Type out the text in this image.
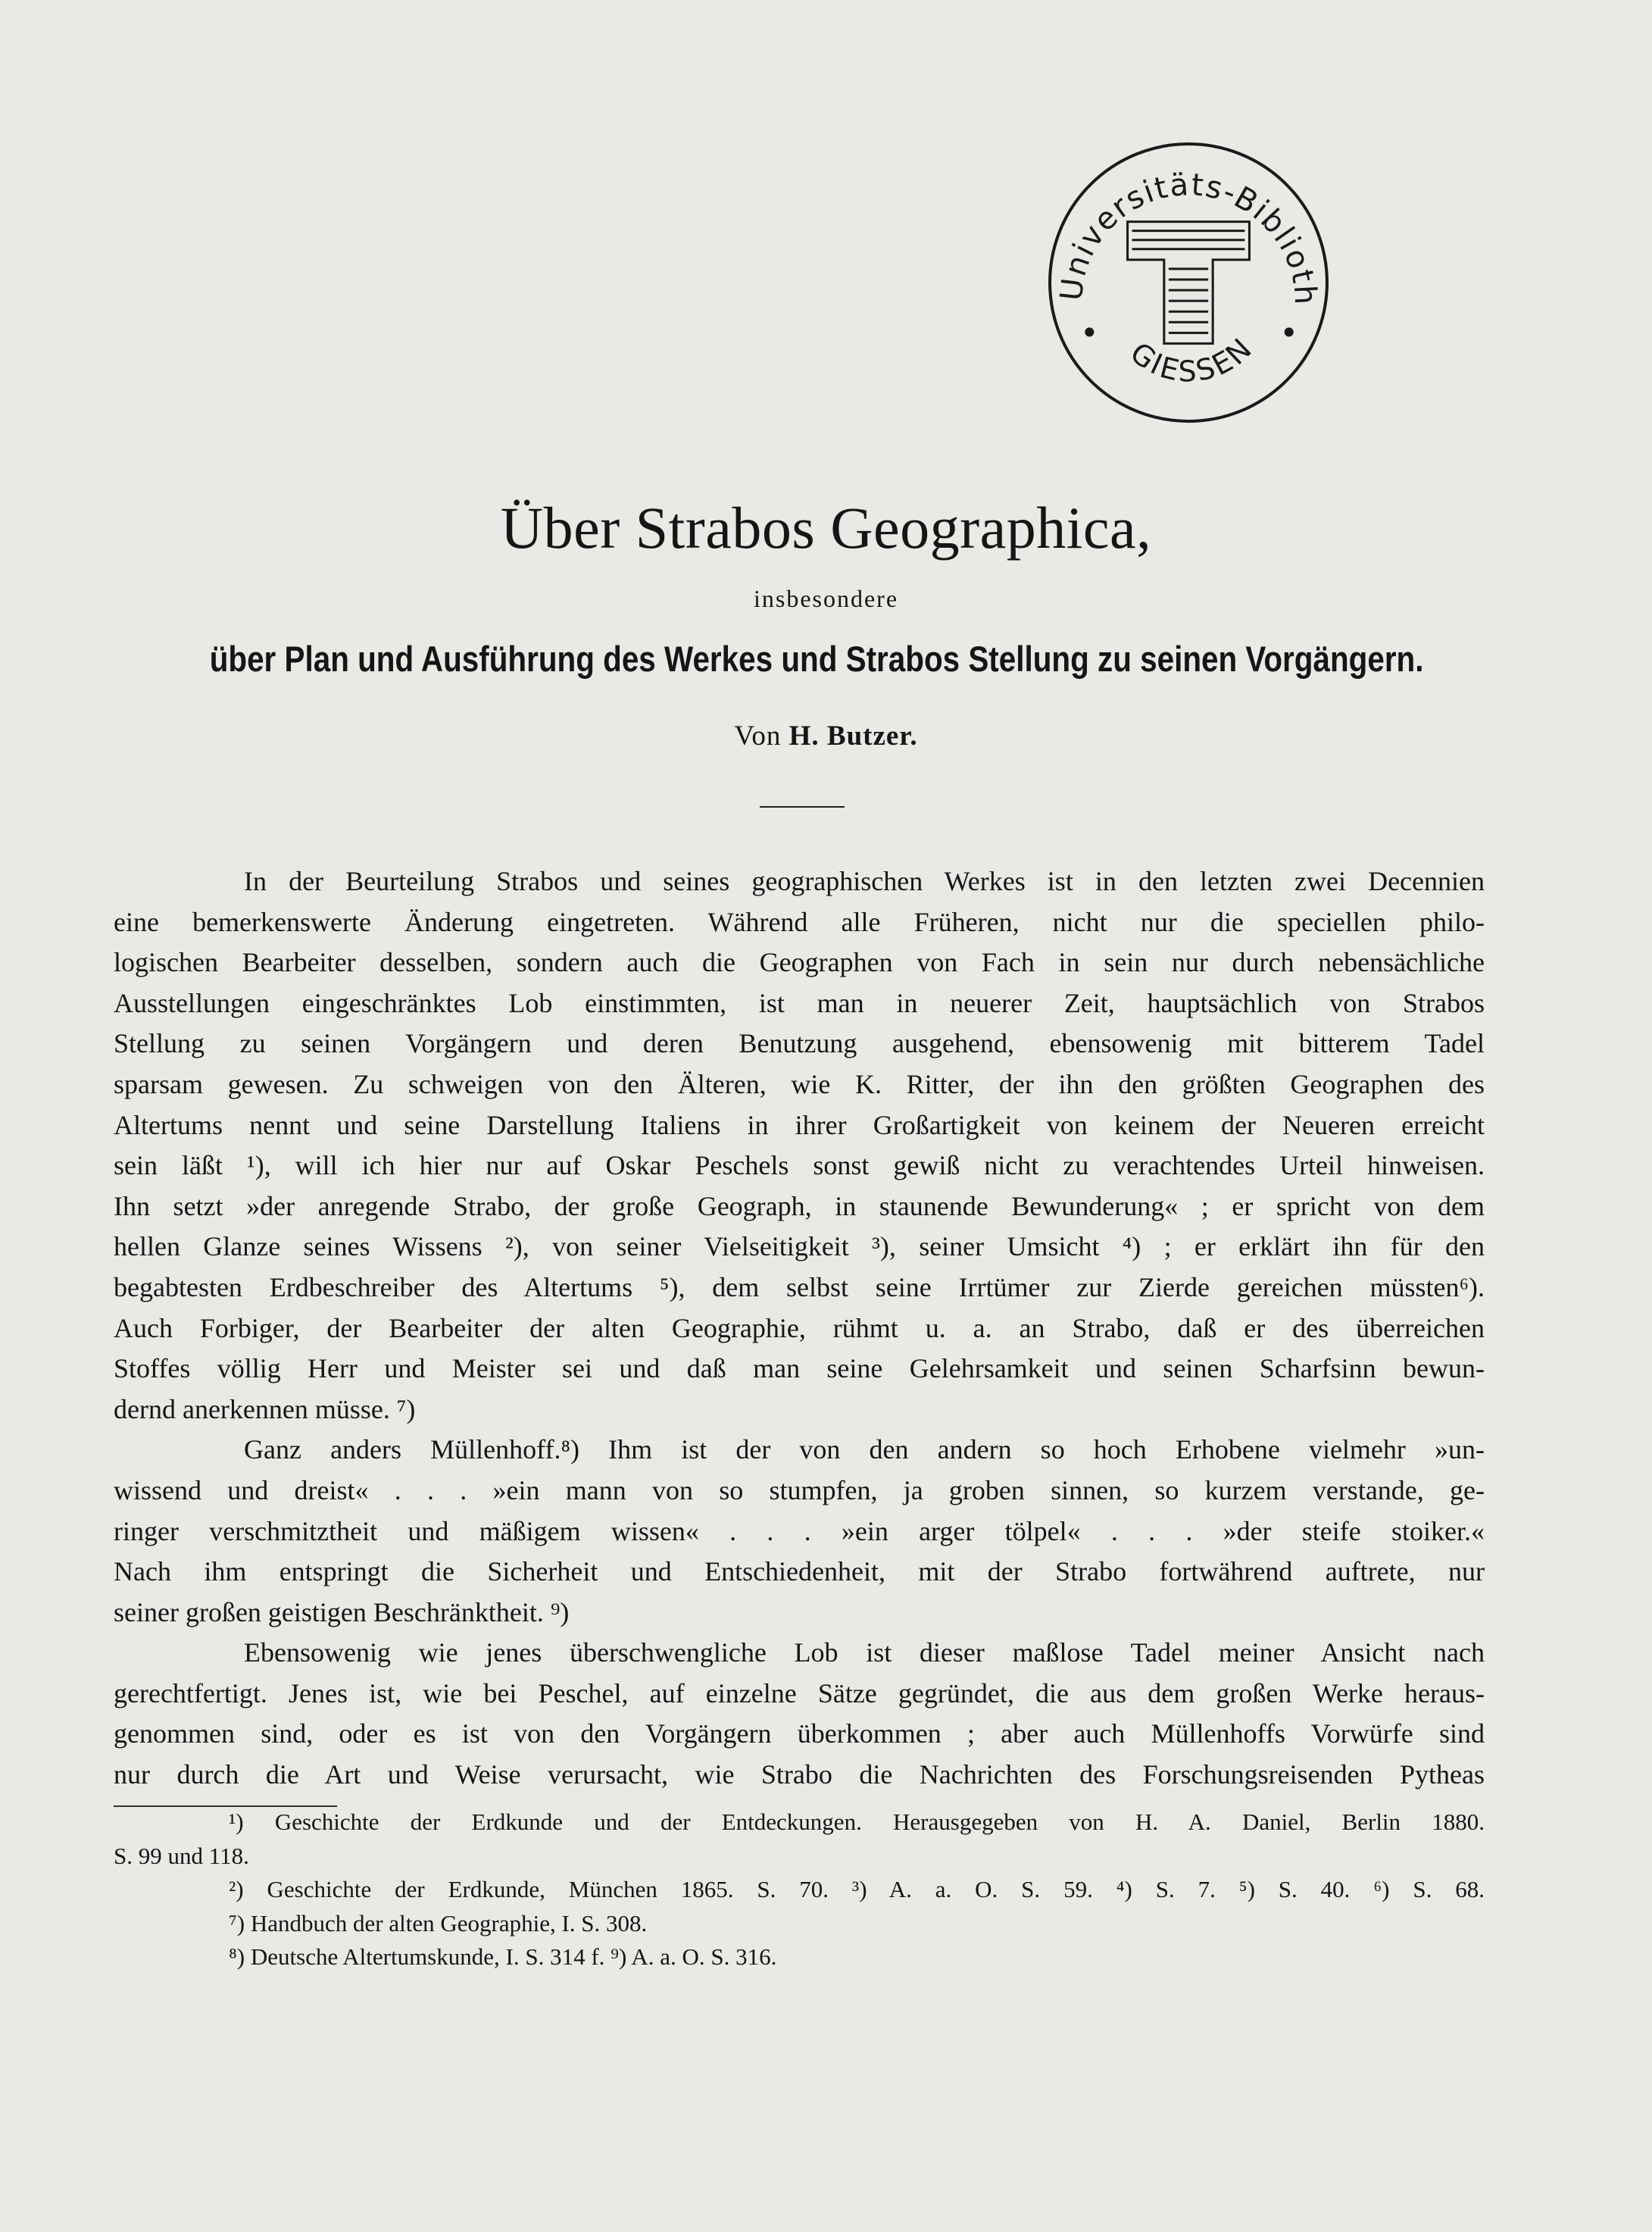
Universitäts-Biblioth
GIESSEN
Über Strabos Geographica,
insbesondere
über Plan und Ausführung des Werkes und Strabos Stellung zu seinen Vorgängern.
Von H. Butzer.
In der Beurteilung Strabos und seines geographischen Werkes ist in den letzten zwei Decennien
eine bemerkenswerte Änderung eingetreten. Während alle Früheren, nicht nur die speciellen philo-
logischen Bearbeiter desselben, sondern auch die Geographen von Fach in sein nur durch nebensächliche
Ausstellungen eingeschränktes Lob einstimmten, ist man in neuerer Zeit, hauptsächlich von Strabos
Stellung zu seinen Vorgängern und deren Benutzung ausgehend, ebensowenig mit bitterem Tadel
sparsam gewesen. Zu schweigen von den Älteren, wie K. Ritter, der ihn den größten Geographen des
Altertums nennt und seine Darstellung Italiens in ihrer Großartigkeit von keinem der Neueren erreicht
sein läßt ¹), will ich hier nur auf Oskar Peschels sonst gewiß nicht zu verachtendes Urteil hinweisen.
Ihn setzt »der anregende Strabo, der große Geograph, in staunende Bewunderung« ; er spricht von dem
hellen Glanze seines Wissens ²), von seiner Vielseitigkeit ³), seiner Umsicht ⁴) ; er erklärt ihn für den
begabtesten Erdbeschreiber des Altertums ⁵), dem selbst seine Irrtümer zur Zierde gereichen müssten⁶).
Auch Forbiger, der Bearbeiter der alten Geographie, rühmt u. a. an Strabo, daß er des überreichen
Stoffes völlig Herr und Meister sei und daß man seine Gelehrsamkeit und seinen Scharfsinn bewun-
dernd anerkennen müsse. ⁷)
Ganz anders Müllenhoff.⁸) Ihm ist der von den andern so hoch Erhobene vielmehr »un-
wissend und dreist« . . . »ein mann von so stumpfen, ja groben sinnen, so kurzem verstande, ge-
ringer verschmitztheit und mäßigem wissen« . . . »ein arger tölpel« . . . »der steife stoiker.«
Nach ihm entspringt die Sicherheit und Entschiedenheit, mit der Strabo fortwährend auftrete, nur
seiner großen geistigen Beschränktheit. ⁹)
Ebensowenig wie jenes überschwengliche Lob ist dieser maßlose Tadel meiner Ansicht nach
gerechtfertigt. Jenes ist, wie bei Peschel, auf einzelne Sätze gegründet, die aus dem großen Werke heraus-
genommen sind, oder es ist von den Vorgängern überkommen ; aber auch Müllenhoffs Vorwürfe sind
nur durch die Art und Weise verursacht, wie Strabo die Nachrichten des Forschungsreisenden Pytheas
¹) Geschichte der Erdkunde und der Entdeckungen. Herausgegeben von H. A. Daniel, Berlin 1880.
S. 99 und 118.
²) Geschichte der Erdkunde, München 1865. S. 70. ³) A. a. O. S. 59. ⁴) S. 7. ⁵) S. 40. ⁶) S. 68.
⁷) Handbuch der alten Geographie, I. S. 308.
⁸) Deutsche Altertumskunde, I. S. 314 f. ⁹) A. a. O. S. 316.
